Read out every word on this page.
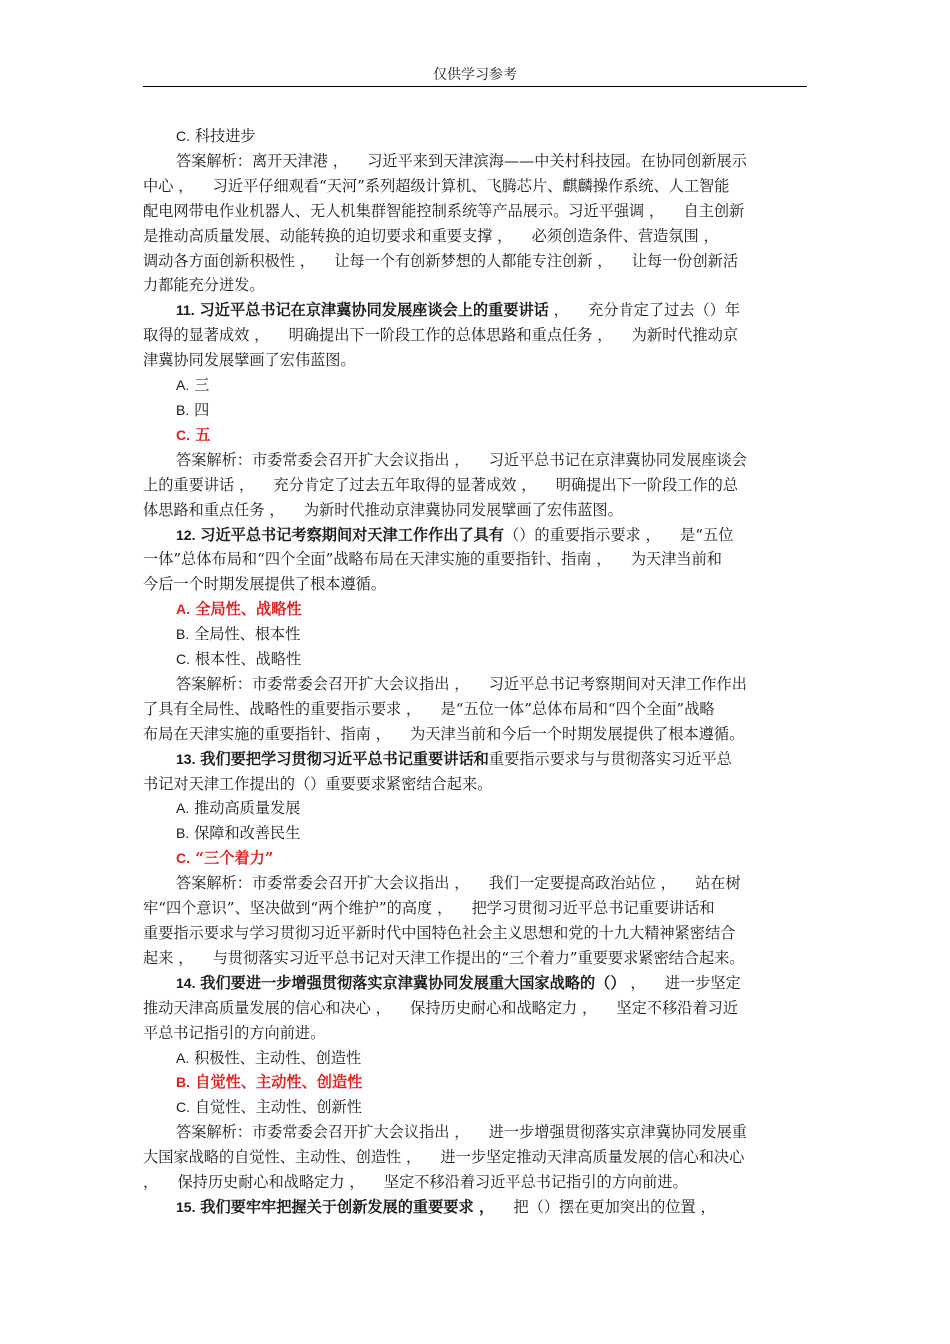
仅供学习参考
C. 科技进步
答案解析：离开天津港 ，    习近平来到天津滨海——中关村科技园。在协同创新展示
中心 ，    习近平仔细观看“天河”系列超级计算机、飞腾芯片、麒麟操作系统、人工智能
配电网带电作业机器人、无人机集群智能控制系统等产品展示。习近平强调 ，    自主创新
是推动高质量发展、动能转换的迫切要求和重要支撑 ，    必须创造条件、营造氛围 ，
调动各方面创新积极性 ，    让每一个有创新梦想的人都能专注创新 ，    让每一份创新活
力都能充分迸发。
11. 习近平总书记在京津冀协同发展座谈会上的重要讲话 ，    充分肯定了过去（）年
取得的显著成效 ，    明确提出下一阶段工作的总体思路和重点任务 ，    为新时代推动京
津冀协同发展擘画了宏伟蓝图。
A. 三
B. 四
C. 五
答案解析：市委常委会召开扩大会议指出 ，    习近平总书记在京津冀协同发展座谈会
上的重要讲话 ，    充分肯定了过去五年取得的显著成效 ，    明确提出下一阶段工作的总
体思路和重点任务 ，    为新时代推动京津冀协同发展擘画了宏伟蓝图。
12. 习近平总书记考察期间对天津工作作出了具有（）的重要指示要求 ，    是“五位
一体”总体布局和“四个全面”战略布局在天津实施的重要指针、指南 ，    为天津当前和
今后一个时期发展提供了根本遵循。
A. 全局性、战略性
B. 全局性、根本性
C. 根本性、战略性
答案解析：市委常委会召开扩大会议指出 ，    习近平总书记考察期间对天津工作作出
了具有全局性、战略性的重要指示要求 ，    是“五位一体”总体布局和“四个全面”战略
布局在天津实施的重要指针、指南 ，    为天津当前和今后一个时期发展提供了根本遵循。
13. 我们要把学习贯彻习近平总书记重要讲话和重要指示要求与与贯彻落实习近平总
书记对天津工作提出的（）重要要求紧密结合起来。
A. 推动高质量发展
B. 保障和改善民生
C. “三个着力”
答案解析：市委常委会召开扩大会议指出 ，    我们一定要提高政治站位 ，    站在树
牢“四个意识”、坚决做到“两个维护”的高度 ，    把学习贯彻习近平总书记重要讲话和
重要指示要求与学习贯彻习近平新时代中国特色社会主义思想和党的十九大精神紧密结合
起来 ，    与贯彻落实习近平总书记对天津工作提出的“三个着力”重要要求紧密结合起来。
14. 我们要进一步增强贯彻落实京津冀协同发展重大国家战略的（） ，    进一步坚定
推动天津高质量发展的信心和决心 ，    保持历史耐心和战略定力 ，    坚定不移沿着习近
平总书记指引的方向前进。
A. 积极性、主动性、创造性
B. 自觉性、主动性、创造性
C. 自觉性、主动性、创新性
答案解析：市委常委会召开扩大会议指出 ，    进一步增强贯彻落实京津冀协同发展重
大国家战略的自觉性、主动性、创造性 ，    进一步坚定推动天津高质量发展的信心和决心
，    保持历史耐心和战略定力 ，    坚定不移沿着习近平总书记指引的方向前进。
15. 我们要牢牢把握关于创新发展的重要要求 ，    把（）摆在更加突出的位置 ，
